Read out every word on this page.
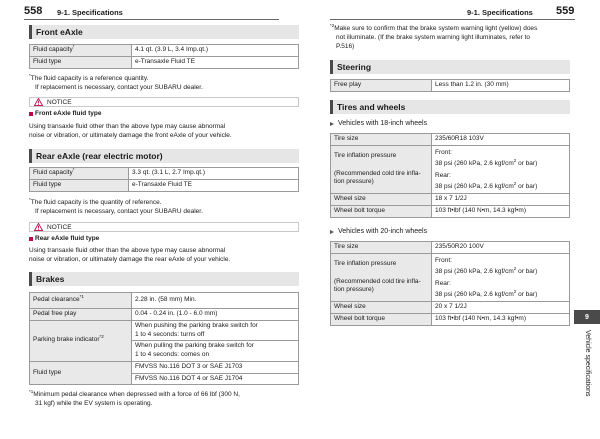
558 9-1. Specifications	9-1. Specifications 559
Front eAxle
Fluid capacity*	4.1 qt. (3.9 L, 3.4 Imp.qt.)
Fluid type	e-Transaxle Fluid TE
*The fluid capacity is a reference quantity.
If replacement is necessary, contact your SUBARU dealer.
NOTICE
Front eAxle fluid type
Using transaxle fluid other than the above type may cause abnormal
noise or vibration, or ultimately damage the front eAxle of your vehicle.
Rear eAxle (rear electric motor)
Fluid capacity*	3.3 qt. (3.1 L, 2.7 Imp.qt.)
Fluid type	e-Transaxle Fluid TE
*The fluid capacity is the quantity of reference.
If replacement is necessary, contact your SUBARU dealer.
NOTICE
Rear eAxle fluid type
Using transaxle fluid other than the above type may cause abnormal
noise or vibration, or ultimately damage the rear eAxle of your vehicle.
Brakes
Pedal clearance$^{*1}$	2.28 in. (58 mm) Min.
Pedal free play	0.04 - 0.24 in. (1.0 - 6.0 mm)
Parking brake indicator$^{*2}$	When pushing the parking brake switch for
1 to 4 seconds: turns off
	When pulling the parking brake switch for
1 to 4 seconds: comes on
Fluid type	FMVSS No.116 DOT 3 or SAE J1703
	FMVSS No.116 DOT 4 or SAE J1704
$^{*1}$Minimum pedal clearance when depressed with a force of 66 lbf (300 N,
31 kgf) while the EV system is operating.
$^{*2}$Make sure to confirm that the brake system warning light (yellow) does
not illuminate. (If the brake system warning light illuminates, refer to
P.516)
Steering
Free play	Less than 1.2 in. (30 mm)
Tires and wheels
Vehicles with 18-inch wheels
Tire size	235/60R18 103V
Tire inflation pressure

(Recommended cold tire infla-
tion pressure)	Front:
38 psi (260 kPa, 2.6 kgf/$cm^2$ or bar)
Rear:
38 psi (260 kPa, 2.6 kgf/$cm^2$ or bar)
Wheel size	18 x 7 1/2J
Wheel bolt torque	103 ft•lbf (140 N•m, 14.3 kgf•m)
Vehicles with 20-inch wheels
Tire size	235/50R20 100V
Tire inflation pressure

(Recommended cold tire infla-
tion pressure)	Front:
38 psi (260 kPa, 2.6 kgf/$cm^2$ or bar)
Rear:
38 psi (260 kPa, 2.6 kgf/$cm^2$ or bar)
Wheel size	20 x 7 1/2J
Wheel bolt torque	103 ft•lbf (140 N•m, 14.3 kgf•m)	9
Vehicle specifications
